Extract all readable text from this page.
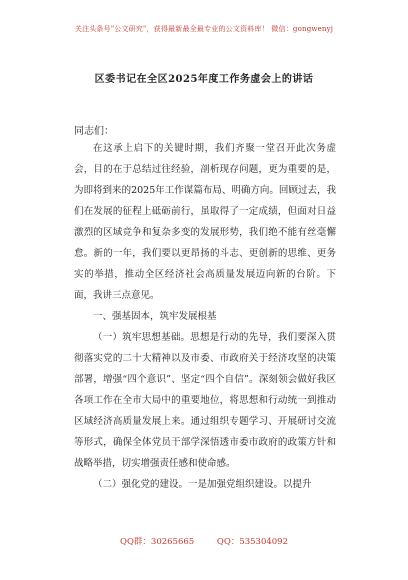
关注头条号"公文研究"，获得最新最全最专业的公文资料库！ 微信：gongwenyj
区委书记在全区2025年度工作务虚会上的讲话
同志们：

在这承上启下的关键时期，我们齐聚一堂召开此次务虚会，目的在于总结过往经验，剖析现存问题，更为重要的是，为即将到来的2025年工作谋篇布局、明确方向。回顾过去，我们在发展的征程上砥砺前行，虽取得了一定成绩，但面对日益激烈的区域竞争和复杂多变的发展形势，我们绝不能有丝毫懈怠。新的一年，我们要以更昂扬的斗志、更创新的思维、更务实的举措，推动全区经济社会高质量发展迈向新的台阶。下面，我讲三点意见。

一、强基固本，筑牢发展根基

（一）筑牢思想基础。思想是行动的先导，我们要深入贯彻落实党的二十大精神以及市委、市政府关于经济攻坚的决策部署，增强“四个意识”、坚定“四个自信”。深刻领会做好我区各项工作在全市大局中的重要地位，将思想和行动统一到推动区域经济高质量发展上来。通过组织专题学习、开展研讨交流等形式，确保全体党员干部学深悟透市委市政府的政策方针和战略举措，切实增强责任感和使命感。

（二）强化党的建设。一是加强党组织建设。以提升

QQ群：30265665	QQ：535304092
